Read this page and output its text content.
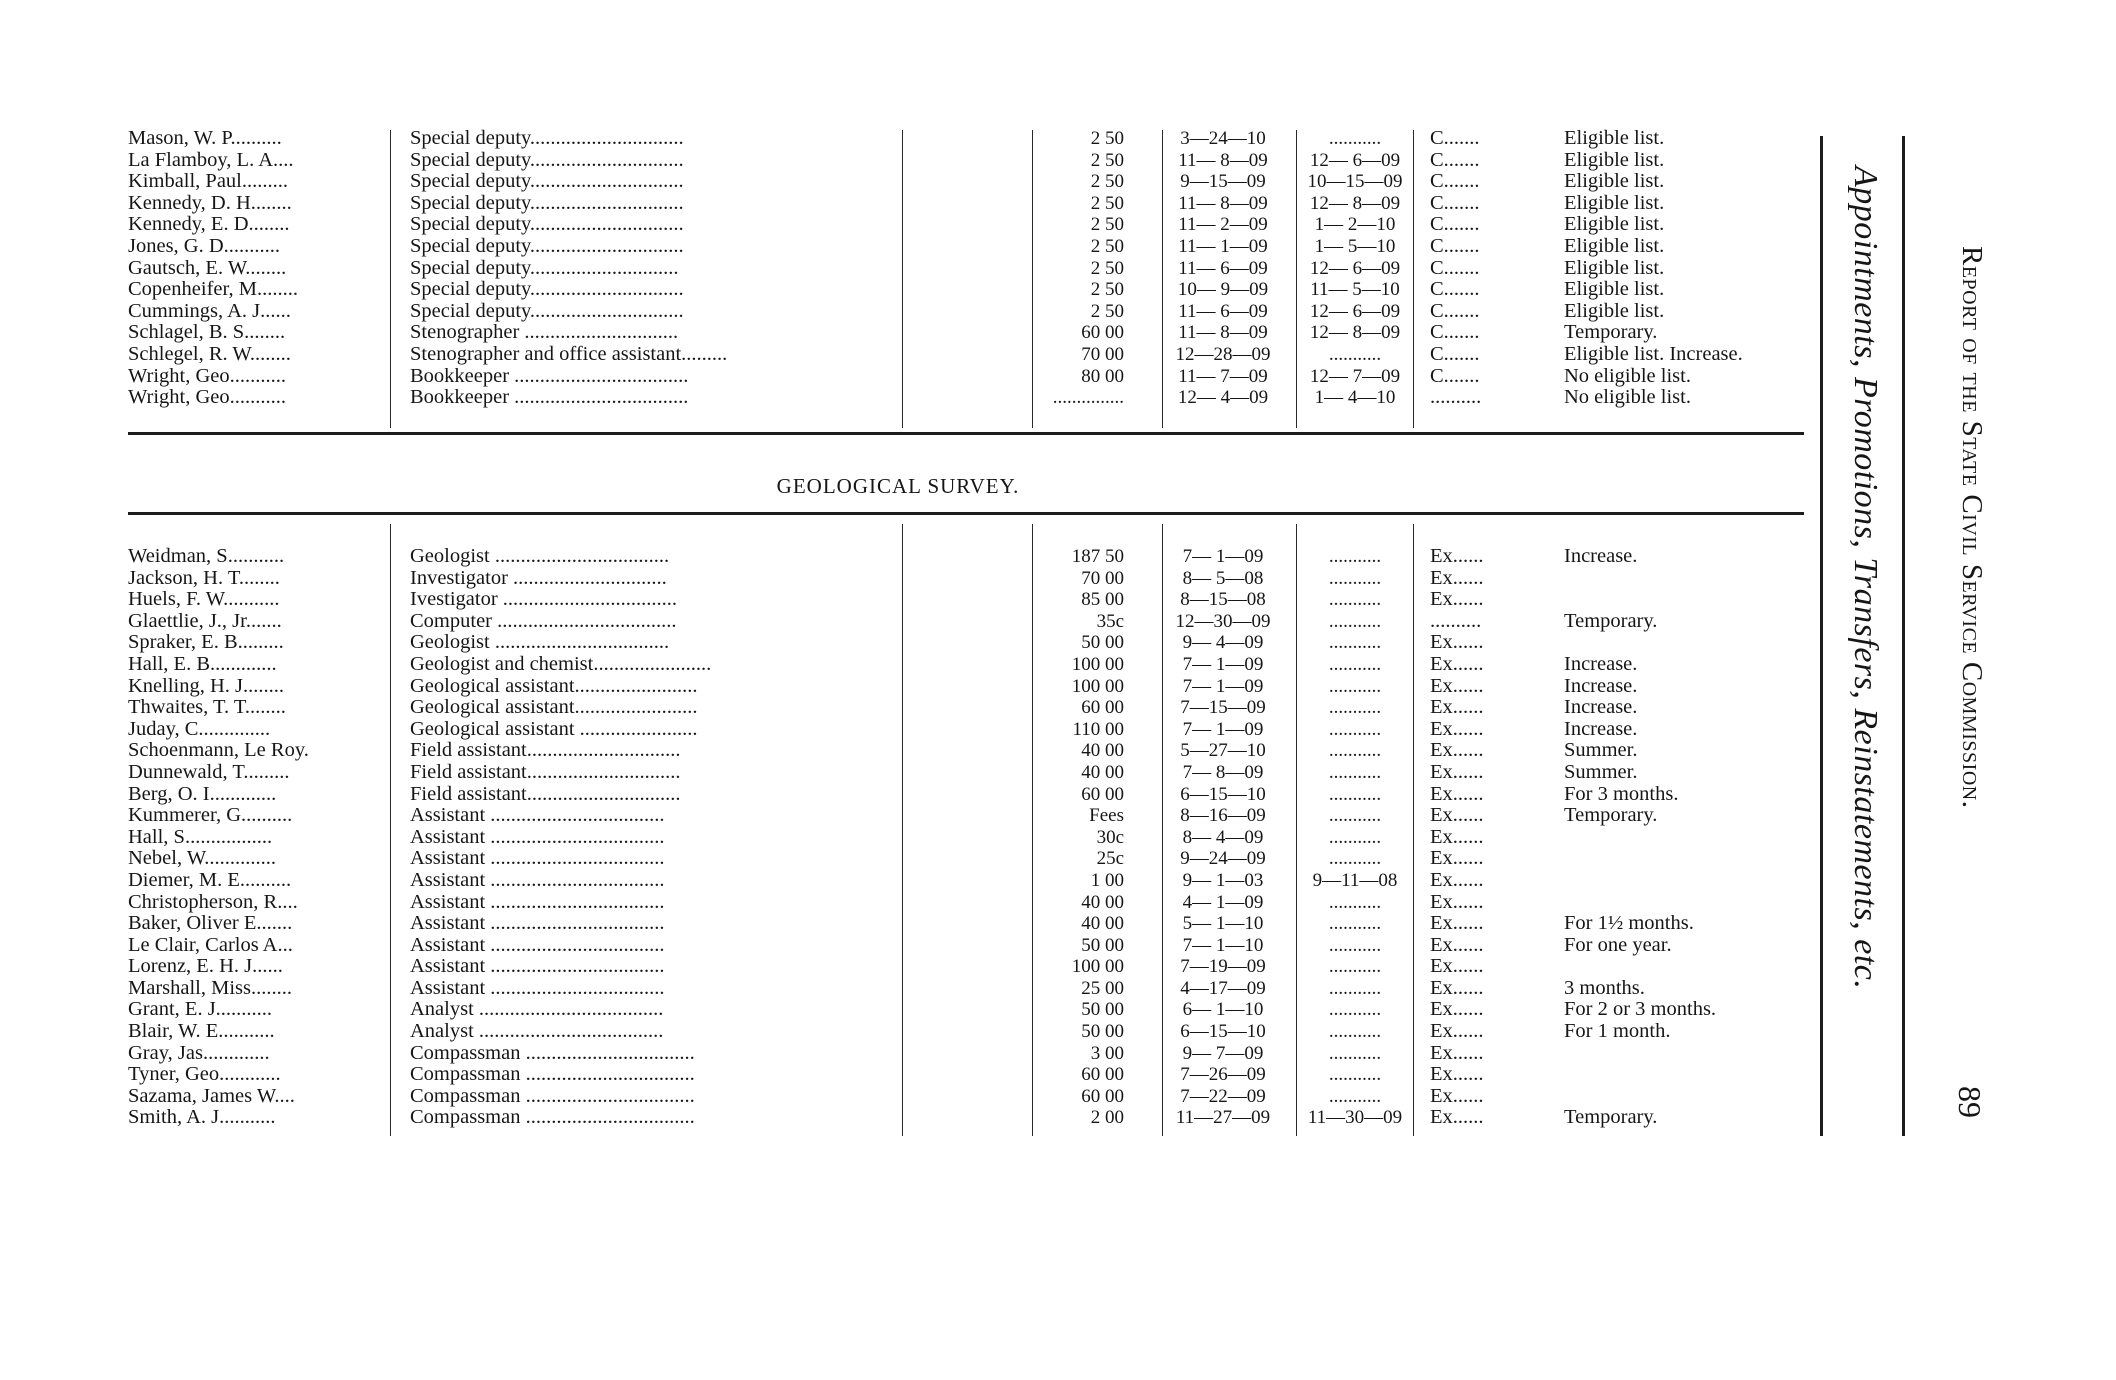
Mason, W. P..........	Special deputy..............................	2 50	3—24—10	...........	C.......	Eligible list.
La Flamboy, L. A....	Special deputy..............................	2 50	11— 8—09	12— 6—09	C.......	Eligible list.
Kimball, Paul.........	Special deputy..............................	2 50	9—15—09	10—15—09	C.......	Eligible list.
Kennedy, D. H........	Special deputy..............................	2 50	11— 8—09	12— 8—09	C.......	Eligible list.
Kennedy, E. D........	Special deputy..............................	2 50	11— 2—09	1— 2—10	C.......	Eligible list.
Jones, G. D...........	Special deputy..............................	2 50	11— 1—09	1— 5—10	C.......	Eligible list.
Gautsch, E. W........	Special deputy.............................	2 50	11— 6—09	12— 6—09	C.......	Eligible list.
Copenheifer, M........	Special deputy..............................	2 50	10— 9—09	11— 5—10	C.......	Eligible list.
Cummings, A. J......	Special deputy..............................	2 50	11— 6—09	12— 6—09	C.......	Eligible list.
Schlagel, B. S........	Stenographer ..............................	60 00	11— 8—09	12— 8—09	C.......	Temporary.
Schlegel, R. W........	Stenographer and office assistant.........	70 00	12—28—09	...........	C.......	Eligible list. Increase.
Wright, Geo...........	Bookkeeper ..................................	80 00	11— 7—09	12— 7—09	C.......	No eligible list.
Wright, Geo...........	Bookkeeper ..................................	...............	12— 4—09	1— 4—10	..........	No eligible list.
GEOLOGICAL SURVEY.
Weidman, S...........	Geologist ..................................	187 50	7— 1—09	...........	Ex......	Increase.
Jackson, H. T........	Investigator ..............................	70 00	8— 5—08	...........	Ex......
Huels, F. W...........	Ivestigator ..................................	85 00	8—15—08	...........	Ex......
Glaettlie, J., Jr.......	Computer ...................................	35c	12—30—09	...........	..........	Temporary.
Spraker, E. B.........	Geologist ..................................	50 00	9— 4—09	...........	Ex......
Hall, E. B.............	Geologist and chemist.......................	100 00	7— 1—09	...........	Ex......	Increase.
Knelling, H. J........	Geological assistant........................	100 00	7— 1—09	...........	Ex......	Increase.
Thwaites, T. T........	Geological assistant........................	60 00	7—15—09	...........	Ex......	Increase.
Juday, C..............	Geological assistant .......................	110 00	7— 1—09	...........	Ex......	Increase.
Schoenmann, Le Roy.	Field assistant..............................	40 00	5—27—10	...........	Ex......	Summer.
Dunnewald, T.........	Field assistant..............................	40 00	7— 8—09	...........	Ex......	Summer.
Berg, O. I.............	Field assistant..............................	60 00	6—15—10	...........	Ex......	For 3 months.
Kummerer, G..........	Assistant ..................................	Fees	8—16—09	...........	Ex......	Temporary.
Hall, S.................	Assistant ..................................	30c	8— 4—09	...........	Ex......
Nebel, W..............	Assistant ..................................	25c	9—24—09	...........	Ex......
Diemer, M. E..........	Assistant ..................................	1 00	9— 1—03	9—11—08	Ex......
Christopherson, R....	Assistant ..................................	40 00	4— 1—09	...........	Ex......
Baker, Oliver E.......	Assistant ..................................	40 00	5— 1—10	...........	Ex......	For 1½ months.
Le Clair, Carlos A...	Assistant ..................................	50 00	7— 1—10	...........	Ex......	For one year.
Lorenz, E. H. J......	Assistant ..................................	100 00	7—19—09	...........	Ex......
Marshall, Miss........	Assistant ..................................	25 00	4—17—09	...........	Ex......	3 months.
Grant, E. J...........	Analyst ....................................	50 00	6— 1—10	...........	Ex......	For 2 or 3 months.
Blair, W. E...........	Analyst ....................................	50 00	6—15—10	...........	Ex......	For 1 month.
Gray, Jas.............	Compassman .................................	3 00	9— 7—09	...........	Ex......
Tyner, Geo............	Compassman .................................	60 00	7—26—09	...........	Ex......
Sazama, James W....	Compassman .................................	60 00	7—22—09	...........	Ex......
Smith, A. J...........	Compassman .................................	2 00	11—27—09	11—30—09	Ex......	Temporary.
Appointments, Promotions, Transfers, Reinstatements, etc. Report of the State Civil Service Commission.
89
